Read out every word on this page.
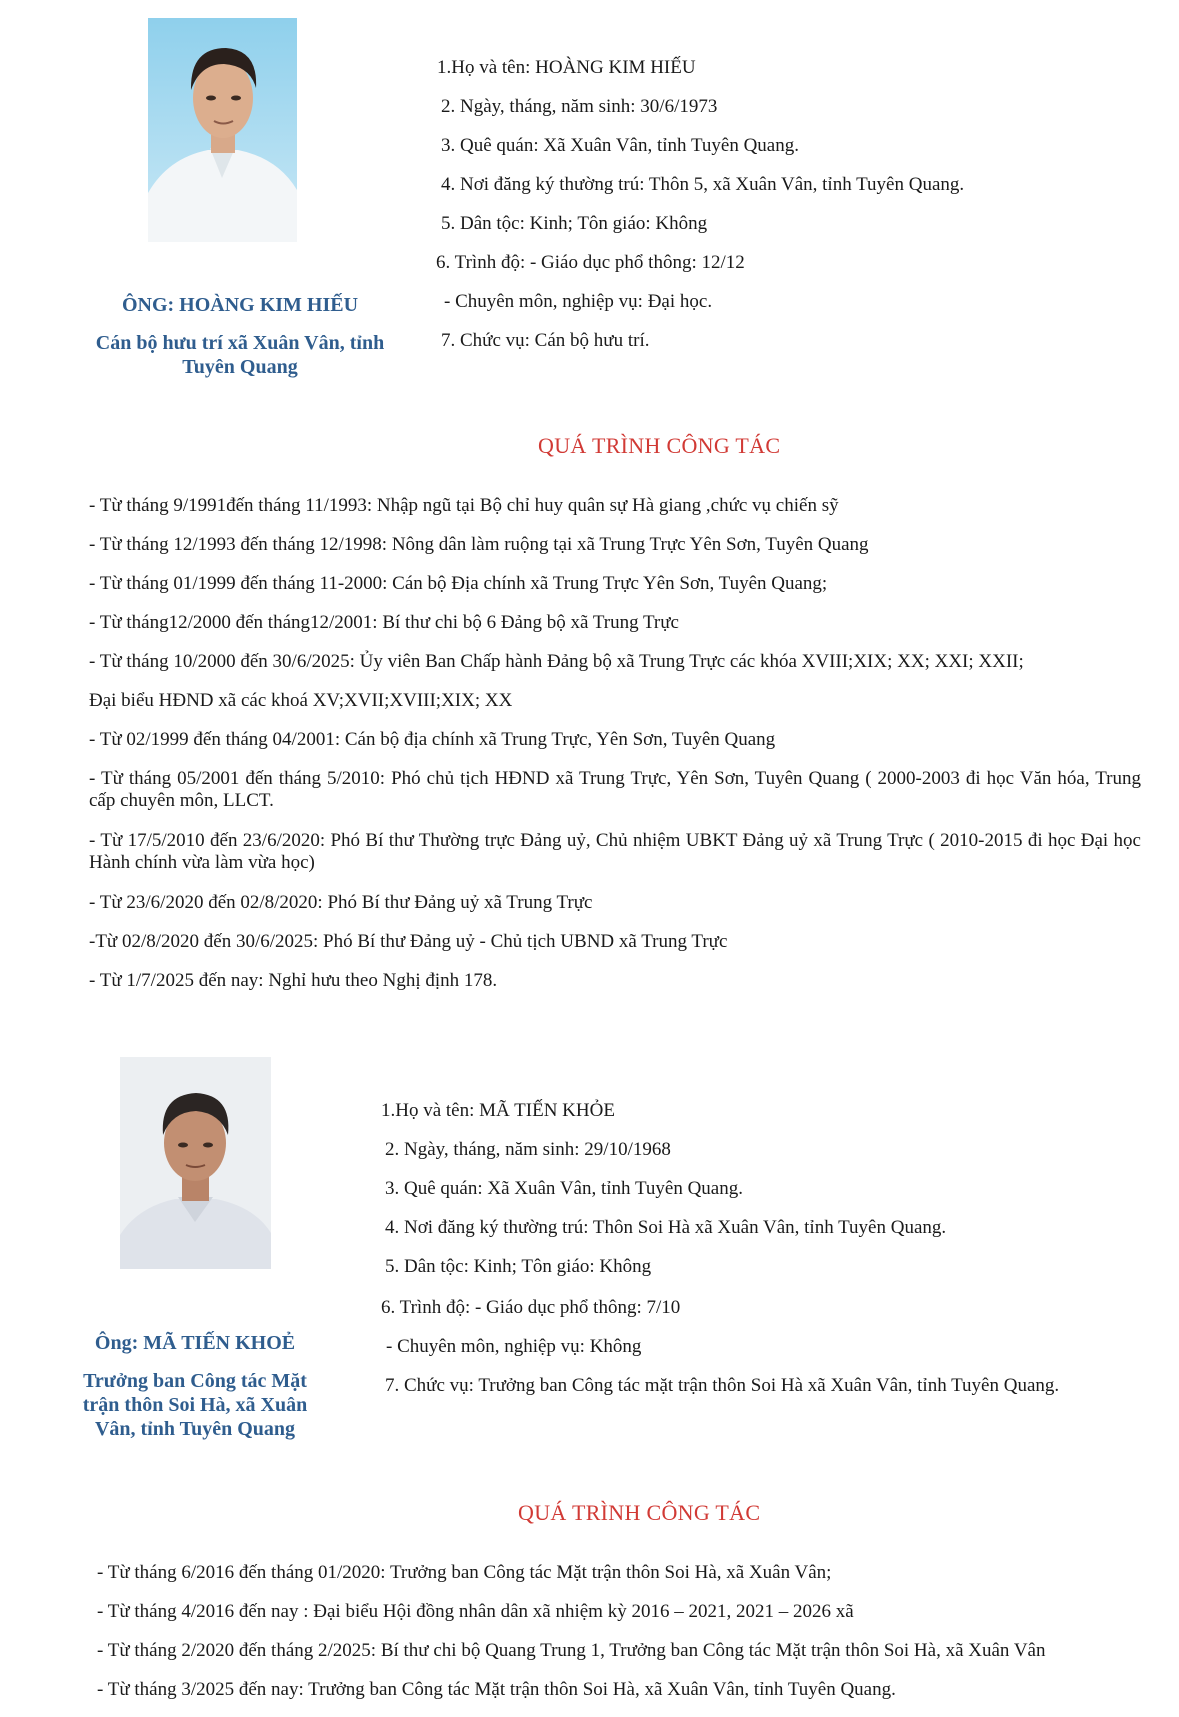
ÔNG: HOÀNG KIM HIẾU
Cán bộ hưu trí xã Xuân Vân, tỉnh Tuyên Quang
1.Họ và tên: HOÀNG KIM HIẾU
2. Ngày, tháng, năm sinh: 30/6/1973
3. Quê quán: Xã Xuân Vân, tỉnh Tuyên Quang.
4. Nơi đăng ký thường trú: Thôn 5, xã Xuân Vân, tỉnh Tuyên Quang.
5. Dân tộc: Kinh; Tôn giáo: Không
6. Trình độ: - Giáo dục phổ thông: 12/12
- Chuyên môn, nghiệp vụ: Đại học.
7. Chức vụ: Cán bộ hưu trí.
QUÁ TRÌNH CÔNG TÁC
- Từ tháng 9/1991đến tháng 11/1993: Nhập ngũ tại Bộ chỉ huy quân sự Hà giang ,chức vụ chiến sỹ
- Từ tháng 12/1993 đến tháng 12/1998: Nông dân làm ruộng tại xã Trung Trực Yên Sơn, Tuyên Quang
- Từ tháng 01/1999 đến tháng 11-2000: Cán bộ Địa chính xã Trung Trực Yên Sơn, Tuyên Quang;
- Từ tháng12/2000 đến tháng12/2001: Bí thư chi bộ 6 Đảng bộ xã Trung Trực
- Từ tháng 10/2000 đến 30/6/2025: Ủy viên Ban Chấp hành Đảng bộ xã Trung Trực các khóa XVIII;XIX; XX; XXI; XXII;
Đại biểu HĐND xã các khoá XV;XVII;XVIII;XIX; XX
- Từ 02/1999 đến tháng 04/2001: Cán bộ địa chính xã Trung Trực, Yên Sơn, Tuyên Quang
- Từ tháng 05/2001 đến tháng 5/2010: Phó chủ tịch HĐND xã Trung Trực, Yên Sơn, Tuyên Quang ( 2000-2003 đi học Văn hóa, Trung cấp chuyên môn, LLCT.
- Từ 17/5/2010 đến 23/6/2020: Phó Bí thư Thường trực Đảng uỷ, Chủ nhiệm UBKT Đảng uỷ xã Trung Trực ( 2010-2015 đi học Đại học Hành chính vừa làm vừa học)
- Từ 23/6/2020 đến 02/8/2020: Phó Bí thư Đảng uỷ xã Trung Trực
-Từ 02/8/2020 đến 30/6/2025: Phó Bí thư Đảng uỷ - Chủ tịch UBND xã Trung Trực
- Từ 1/7/2025 đến nay: Nghỉ hưu theo Nghị định 178.
Ông: MÃ TIẾN KHOẺ
Trưởng ban Công tác Mặt trận thôn Soi Hà, xã Xuân Vân, tỉnh Tuyên Quang
1.Họ và tên: MÃ TIẾN KHỎE
2. Ngày, tháng, năm sinh: 29/10/1968
3. Quê quán: Xã Xuân Vân, tỉnh Tuyên Quang.
4. Nơi đăng ký thường trú: Thôn Soi Hà xã Xuân Vân, tỉnh Tuyên Quang.
5. Dân tộc: Kinh; Tôn giáo: Không
6. Trình độ: - Giáo dục phổ thông: 7/10
- Chuyên môn, nghiệp vụ: Không
7. Chức vụ: Trưởng ban Công tác mặt trận thôn Soi Hà xã Xuân Vân, tỉnh Tuyên Quang.
QUÁ TRÌNH CÔNG TÁC
- Từ tháng 6/2016 đến tháng 01/2020: Trưởng ban Công tác Mặt trận thôn Soi Hà, xã Xuân Vân;
- Từ tháng 4/2016 đến nay : Đại biểu Hội đồng nhân dân xã nhiệm kỳ 2016 – 2021, 2021 – 2026 xã
- Từ tháng 2/2020 đến tháng 2/2025: Bí thư chi bộ Quang Trung 1, Trưởng ban Công tác Mặt trận thôn Soi Hà, xã Xuân Vân
- Từ tháng 3/2025 đến nay: Trưởng ban Công tác Mặt trận thôn Soi Hà, xã Xuân Vân, tỉnh Tuyên Quang.
